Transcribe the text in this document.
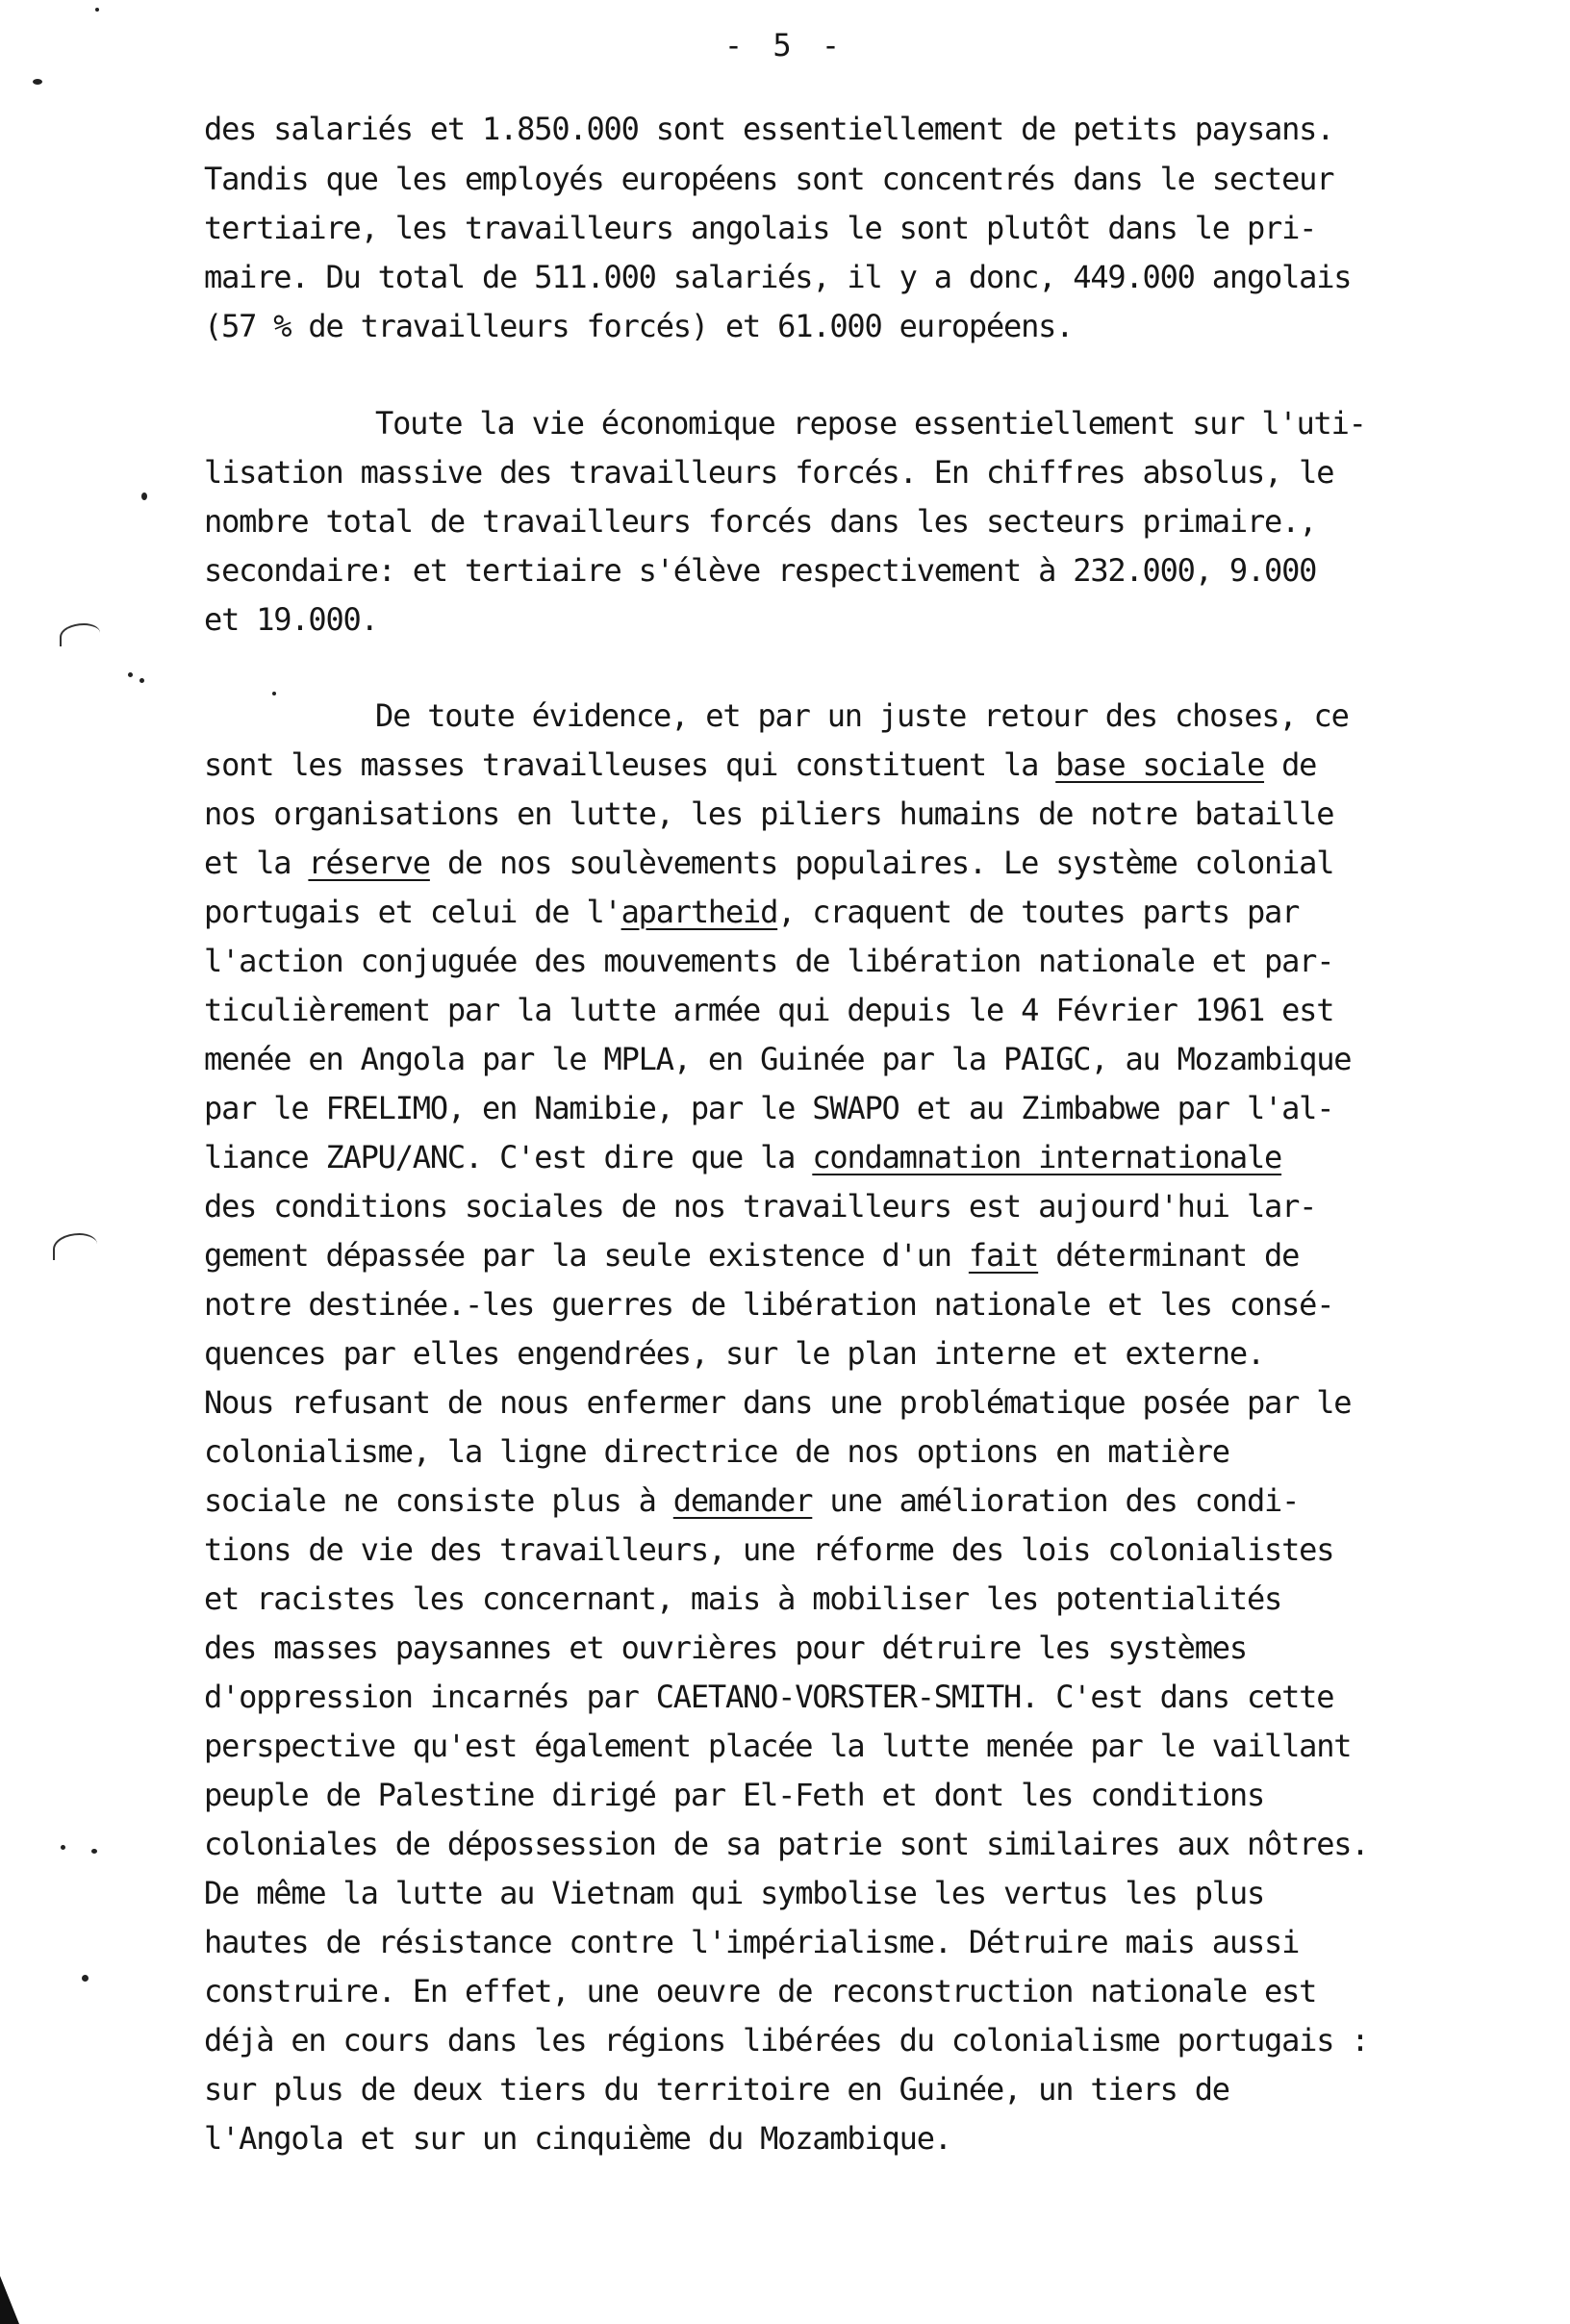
- 5 -
des salariés et 1.850.000 sont essentiellement de petits paysans.
Tandis que les employés européens sont concentrés dans le secteur
tertiaire, les travailleurs angolais le sont plutôt dans le pri-
maire. Du total de 511.000 salariés, il y a donc, 449.000 angolais
(57 % de travailleurs forcés) et 61.000 européens.
Toute la vie économique repose essentiellement sur l'uti-
lisation massive des travailleurs forcés. En chiffres absolus, le
nombre total de travailleurs forcés dans les secteurs primaire.,
secondaire: et tertiaire s'élève respectivement à 232.000, 9.000
et 19.000.
De toute évidence, et par un juste retour des choses, ce
sont les masses travailleuses qui constituent la base sociale de
nos organisations en lutte, les piliers humains de notre bataille
et la réserve de nos soulèvements populaires. Le système colonial
portugais et celui de l'apartheid, craquent de toutes parts par
l'action conjuguée des mouvements de libération nationale et par-
ticulièrement par la lutte armée qui depuis le 4 Février 1961 est
menée en Angola par le MPLA, en Guinée par la PAIGC, au Mozambique
par le FRELIMO, en Namibie, par le SWAPO et au Zimbabwe par l'al-
liance ZAPU/ANC. C'est dire que la condamnation internationale
des conditions sociales de nos travailleurs est aujourd'hui lar-
gement dépassée par la seule existence d'un fait déterminant de
notre destinée.-les guerres de libération nationale et les consé-
quences par elles engendrées, sur le plan interne et externe.
Nous refusant de nous enfermer dans une problématique posée par le
colonialisme, la ligne directrice de nos options en matière
sociale ne consiste plus à demander une amélioration des condi-
tions de vie des travailleurs, une réforme des lois colonialistes
et racistes les concernant, mais à mobiliser les potentialités
des masses paysannes et ouvrières pour détruire les systèmes
d'oppression incarnés par CAETANO-VORSTER-SMITH. C'est dans cette
perspective qu'est également placée la lutte menée par le vaillant
peuple de Palestine dirigé par El-Feth et dont les conditions
coloniales de dépossession de sa patrie sont similaires aux nôtres.
De même la lutte au Vietnam qui symbolise les vertus les plus
hautes de résistance contre l'impérialisme. Détruire mais aussi
construire. En effet, une oeuvre de reconstruction nationale est
déjà en cours dans les régions libérées du colonialisme portugais :
sur plus de deux tiers du territoire en Guinée, un tiers de
l'Angola et sur un cinquième du Mozambique.
